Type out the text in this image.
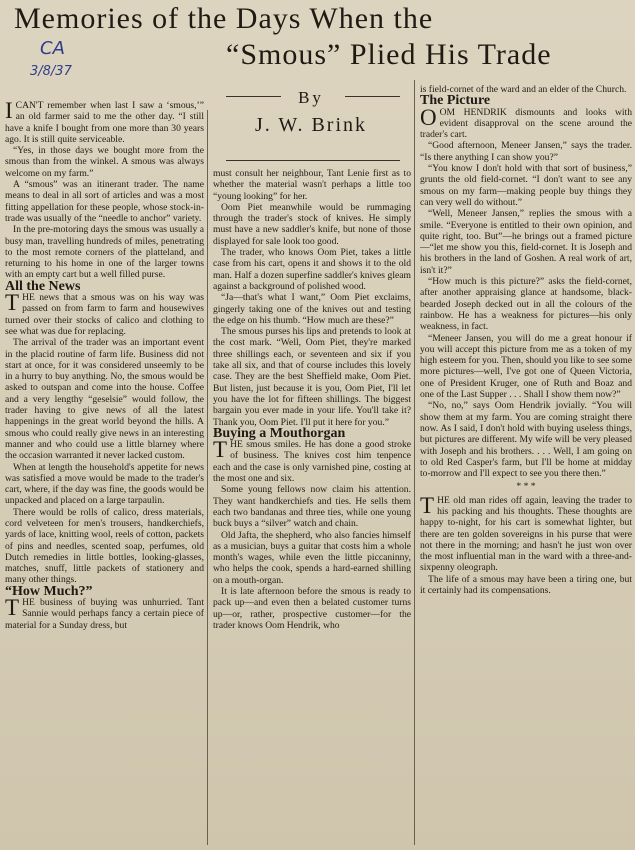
Memories of the Days When the
“Smous” Plied His Trade
CA
3/8/37
By
J. W. Brink

ICAN'T remember when last I saw a ‘smous,’” an old farmer said to me the other day. “I still have a knife I bought from one more than 30 years ago. It is still quite serviceable.

“Yes, in those days we bought more from the smous than from the winkel. A smous was always welcome on my farm.”

A “smous” was an itinerant trader. The name means to deal in all sort of articles and was a most fitting appellation for these people, whose stock-in-trade was usually of the “needle to anchor” variety.

In the pre-motoring days the smous was usually a busy man, travelling hundreds of miles, penetrating to the most remote corners of the platteland, and returning to his home in one of the larger towns with an empty cart but a well filled purse.

All the News

THE news that a smous was on his way was passed on from farm to farm and housewives turned over their stocks of calico and clothing to see what was due for replacing.

The arrival of the trader was an important event in the placid routine of farm life. Business did not start at once, for it was considered unseemly to be in a hurry to buy anything. No, the smous would be asked to outspan and come into the house. Coffee and a very lengthy “geselsie” would follow, the trader having to give news of all the latest happenings in the great world beyond the hills. A smous who could really give news in an interesting manner and who could use a little blarney where the occasion warranted it never lacked custom.

When at length the household's appetite for news was satisfied a move would be made to the trader's cart, where, if the day was fine, the goods would be unpacked and placed on a large tarpaulin.

There would be rolls of calico, dress materials, cord velveteen for men's trousers, handkerchiefs, yards of lace, knitting wool, reels of cotton, packets of pins and needles, scented soap, perfumes, old Dutch remedies in little bottles, looking-glasses, matches, snuff, little packets of stationery and many other things.

“How Much?”

THE business of buying was unhurried. Tant Sannie would perhaps fancy a certain piece of material for a Sunday dress, but

must consult her neighbour, Tant Lenie first as to whether the material wasn't perhaps a little too “young looking” for her.

Oom Piet meanwhile would be rummaging through the trader's stock of knives. He simply must have a new saddler's knife, but none of those displayed for sale look too good.

The trader, who knows Oom Piet, takes a little case from his cart, opens it and shows it to the old man. Half a dozen superfine saddler's knives gleam against a background of polished wood.

“Ja—that's what I want,” Oom Piet exclaims, gingerly taking one of the knives out and testing the edge on his thumb. “How much are these?”

The smous purses his lips and pretends to look at the cost mark. “Well, Oom Piet, they're marked three shillings each, or seventeen and six if you take all six, and that of course includes this lovely case. They are the best Sheffield make, Oom Piet. But listen, just because it is you, Oom Piet, I'll let you have the lot for fifteen shillings. The biggest bargain you ever made in your life. You'll take it? Thank you, Oom Piet. I'll put it here for you.”

Buying a Mouthorgan

THE smous smiles. He has done a good stroke of business. The knives cost him tenpence each and the case is only varnished pine, costing at the most one and six.

Some young fellows now claim his attention. They want handkerchiefs and ties. He sells them each two bandanas and three ties, while one young buck buys a “silver” watch and chain.

Old Jafta, the shepherd, who also fancies himself as a musician, buys a guitar that costs him a whole month's wages, while even the little piccaninny, who helps the cook, spends a hard-earned shilling on a mouth-organ.

It is late afternoon before the smous is ready to pack up—and even then a belated customer turns up—or, rather, prospective customer—for the trader knows Oom Hendrik, who

is field-cornet of the ward and an elder of the Church.

The Picture

OOM HENDRIK dismounts and looks with evident disapproval on the scene around the trader's cart.

“Good afternoon, Meneer Jansen,” says the trader. “Is there anything I can show you?”

“You know I don't hold with that sort of business,” grunts the old field-cornet. “I don't want to see any smous on my farm—making people buy things they can very well do without.”

“Well, Meneer Jansen,” replies the smous with a smile. “Everyone is entitled to their own opinion, and quite right, too. But”—he brings out a framed picture—“let me show you this, field-cornet. It is Joseph and his brothers in the land of Goshen. A real work of art, isn't it?”

“How much is this picture?” asks the field-cornet, after another appraising glance at handsome, black-bearded Joseph decked out in all the colours of the rainbow. He has a weakness for pictures—his only weakness, in fact.

“Meneer Jansen, you will do me a great honour if you will accept this picture from me as a token of my high esteem for you. Then, should you like to see some more pictures—well, I've got one of Queen Victoria, one of President Kruger, one of Ruth and Boaz and one of the Last Supper . . . Shall I show them now?”

“No, no,” says Oom Hendrik jovially. “You will show them at my farm. You are coming straight there now. As I said, I don't hold with buying useless things, but pictures are different. My wife will be very pleased with Joseph and his brothers. . . . Well, I am going on to old Red Casper's farm, but I'll be home at midday to-morrow and I'll expect to see you there then.”

* * *

THE old man rides off again, leaving the trader to his packing and his thoughts. These thoughts are happy to-night, for his cart is somewhat lighter, but there are ten golden sovereigns in his purse that were not there in the morning; and hasn't he just won over the most influential man in the ward with a three-and-sixpenny oleograph.

The life of a smous may have been a tiring one, but it certainly had its compensations.
